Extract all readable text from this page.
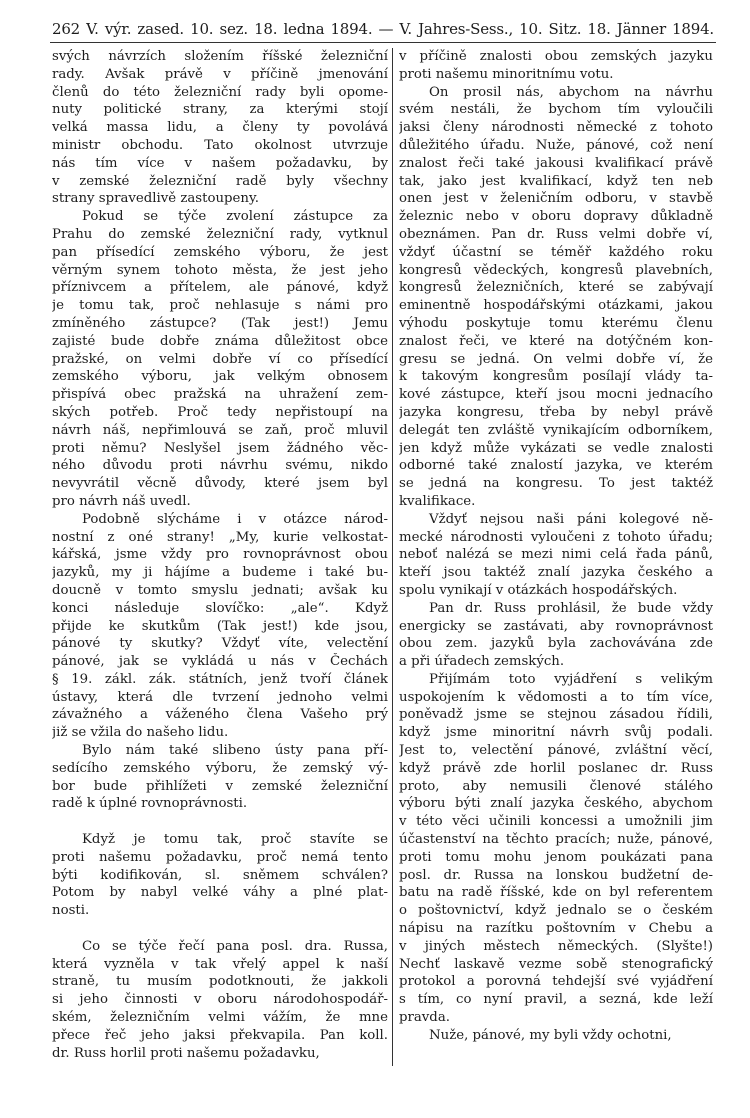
262 V. výr. zased. 10. sez. 18. ledna 1894. — V. Jahres-Sess., 10. Sitz. 18. Jänner 1894.
svých návrzích složením říšské železniční
rady. Avšak právě v příčině jmenování
členů do této železniční rady byli opome-
nuty politické strany, za kterými stojí
velká massa lidu, a členy ty povolává
ministr obchodu. Tato okolnost utvrzuje
nás tím více v našem požadavku, by
v zemské železniční radě byly všechny
strany spravedlivě zastoupeny.
Pokud se týče zvolení zástupce za
Prahu do zemské železniční rady, vytknul
pan přísedící zemského výboru, že jest
věrným synem tohoto města, že jest jeho
příznivcem a přítelem, ale pánové, když
je tomu tak, proč nehlasuje s námi pro
zmíněného zástupce? (Tak jest!) Jemu
zajisté bude dobře známa důležitost obce
pražské, on velmi dobře ví co přísedící
zemského výboru, jak velkým obnosem
přispívá obec pražská na uhražení zem-
ských potřeb. Proč tedy nepřistoupí na
návrh náš, nepřimlouvá se zaň, proč mluvil
proti němu? Neslyšel jsem žádného věc-
ného důvodu proti návrhu svému, nikdo
nevyvrátil věcně důvody, které jsem byl
pro návrh náš uvedl.
Podobně slýcháme i v otázce národ-
nostní z oné strany! „My, kurie velkostat-
kářská, jsme vždy pro rovnoprávnost obou
jazyků, my ji hájíme a budeme i také bu-
doucně v tomto smyslu jednati; avšak ku
konci následuje slovíčko: „ale“. Když
přijde ke skutkům (Tak jest!) kde jsou,
pánové ty skutky? Vždyť víte, velectění
pánové, jak se vykládá u nás v Čechách
§ 19. zákl. zák. státních, jenž tvoří článek
ústavy, která dle tvrzení jednoho velmi
závažného a váženého člena Vašeho prý
již se vžila do našeho lidu.
Bylo nám také slibeno ústy pana pří-
sedícího zemského výboru, že zemský vý-
bor bude přihlížeti v zemské železniční
radě k úplné rovnoprávnosti.
Když je tomu tak, proč stavíte se
proti našemu požadavku, proč nemá tento
býti kodifikován, sl. sněmem schválen?
Potom by nabyl velké váhy a plné plat-
nosti.
Co se týče řečí pana posl. dra. Russa,
která vyzněla v tak vřelý appel k naší
straně, tu musím podotknouti, že jakkoli
si jeho činnosti v oboru národohospodář-
ském, železničním velmi vážím, že mne
přece řeč jeho jaksi překvapila. Pan koll.
dr. Russ horlil proti našemu požadavku,
v příčině znalosti obou zemských jazyku
proti našemu minoritnímu votu.
On prosil nás, abychom na návrhu
svém nestáli, že bychom tím vyloučili
jaksi členy národnosti německé z tohoto
důležitého úřadu. Nuže, pánové, což není
znalost řeči také jakousi kvalifikací právě
tak, jako jest kvalifikací, když ten neb
onen jest v želeničním odboru, v stavbě
železnic nebo v oboru dopravy důkladně
obeznámen. Pan dr. Russ velmi dobře ví,
vždyť účastní se téměř každého roku
kongresů vědeckých, kongresů plavebních,
kongresů železničních, které se zabývají
eminentně hospodářskými otázkami, jakou
výhodu poskytuje tomu kterému členu
znalost řeči, ve které na dotýčném kon-
gresu se jedná. On velmi dobře ví, že
k takovým kongresům posílají vlády ta-
kové zástupce, kteří jsou mocni jednacího
jazyka kongresu, třeba by nebyl právě
delegát ten zvláště vynikajícím odborníkem,
jen když může vykázati se vedle znalosti
odborné také znalostí jazyka, ve kterém
se jedná na kongresu. To jest taktéž
kvalifikace.
Vždyť nejsou naši páni kolegové ně-
mecké národnosti vyloučeni z tohoto úřadu;
neboť nalézá se mezi nimi celá řada pánů,
kteří jsou taktéž znalí jazyka českého a
spolu vynikají v otázkách hospodářských.
Pan dr. Russ prohlásil, že bude vždy
energicky se zastávati, aby rovnoprávnost
obou zem. jazyků byla zachovávána zde
a při úřadech zemských.
Přijímám toto vyjádření s velikým
uspokojením k vědomosti a to tím více,
poněvadž jsme se stejnou zásadou řídili,
když jsme minoritní návrh svůj podali.
Jest to, velectění pánové, zvláštní věcí,
když právě zde horlil poslanec dr. Russ
proto, aby nemusili členové stálého
výboru býti znalí jazyka českého, abychom
v této věci učinili koncessi a umožnili jim
účastenství na těchto pracích; nuže, pánové,
proti tomu mohu jenom poukázati pana
posl. dr. Russa na lonskou budžetní de-
batu na radě říšské, kde on byl referentem
o poštovnictví, když jednalo se o českém
nápisu na razítku poštovním v Chebu a
v jiných městech německých. (Slyšte!)
Nechť laskavě vezme sobě stenografický
protokol a porovná tehdejší své vyjádření
s tím, co nyní pravil, a sezná, kde leží
pravda.
Nuže, pánové, my byli vždy ochotni,
